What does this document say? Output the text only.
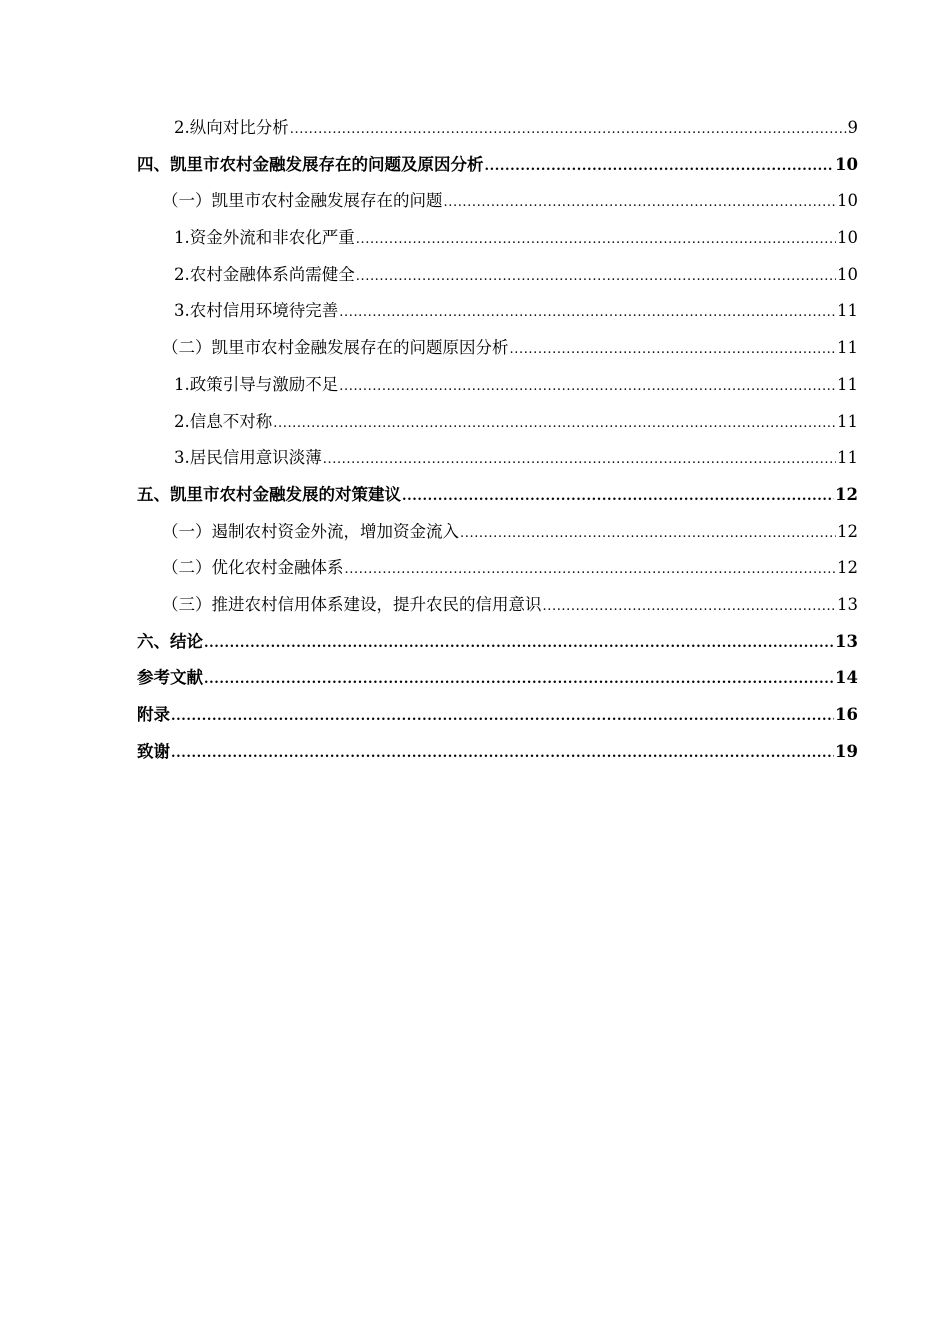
2.纵向对比分析 .....	9
四、凯里市农村金融发展存在的问题及原因分析 .....	10
（一）凯里市农村金融发展存在的问题 .....	10
1.资金外流和非农化严重 .....	10
2.农村金融体系尚需健全 .....	10
3.农村信用环境待完善 .....	11
（二）凯里市农村金融发展存在的问题原因分析 .....	11
1.政策引导与激励不足 .....	11
2.信息不对称 .....	11
3.居民信用意识淡薄 .....	11
五、凯里市农村金融发展的对策建议 .....	12
（一）遏制农村资金外流，增加资金流入 .....	12
（二）优化农村金融体系 .....	12
（三）推进农村信用体系建设，提升农民的信用意识 .....	13
六、结论 .....	13
参考文献 .....	14
附录 .....	16
致谢 .....	19
